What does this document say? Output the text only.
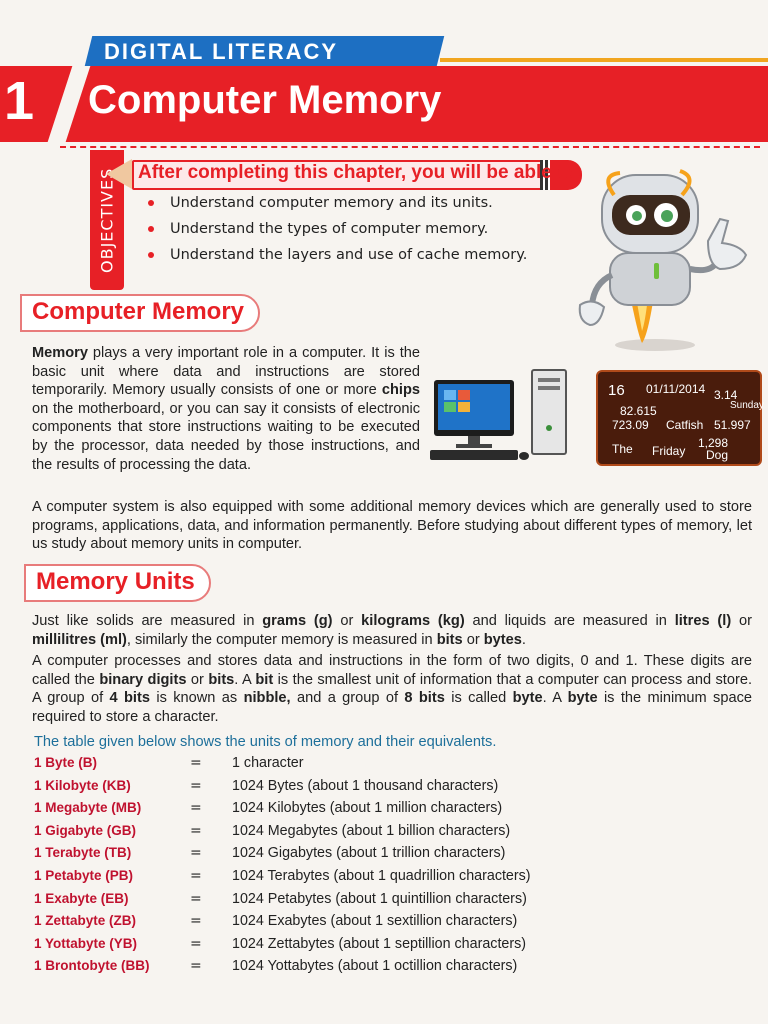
DIGITAL LITERACY
1 Computer Memory
OBJECTIVES	After completing this chapter, you will be able to:
Understand computer memory and its units.
Understand the types of computer memory.
Understand the layers and use of cache memory.
Computer Memory
Memory plays a very important role in a computer. It is the basic unit where data and instructions are stored temporarily. Memory usually consists of one or more chips on the motherboard, or you can say it consists of electronic components that store instructions waiting to be executed by the processor, data needed by those instructions, and the results of processing the data.
16 01/11/2014 3.14
Sunday
82.615
723.09 Catfish 51.997
The Friday
1,298
Dog
A computer system is also equipped with some additional memory devices which are generally used to store programs, applications, data, and information permanently. Before studying about different types of memory, let us study about memory units in computer.
Memory Units
Just like solids are measured in grams (g) or kilograms (kg) and liquids are measured in litres (l) or millilitres (ml), similarly the computer memory is measured in bits or bytes.
A computer processes and stores data and instructions in the form of two digits, 0 and 1. These digits are called the binary digits or bits. A bit is the smallest unit of information that a computer can process and store. A group of 4 bits is known as nibble, and a group of 8 bits is called byte. A byte is the minimum space required to store a character.
The table given below shows the units of memory and their equivalents.
1 Byte (B)	= 1 character
1 Kilobyte (KB)	= 1024 Bytes (about 1 thousand characters)
1 Megabyte (MB)	= 1024 Kilobytes (about 1 million characters)
1 Gigabyte (GB)	= 1024 Megabytes (about 1 billion characters)
1 Terabyte (TB)	= 1024 Gigabytes (about 1 trillion characters)
1 Petabyte (PB)	= 1024 Terabytes (about 1 quadrillion characters)
1 Exabyte (EB)	= 1024 Petabytes (about 1 quintillion characters)
1 Zettabyte (ZB)	= 1024 Exabytes (about 1 sextillion characters)
1 Yottabyte (YB)	= 1024 Zettabytes (about 1 septillion characters)
1 Brontobyte (BB)	= 1024 Yottabytes (about 1 octillion characters)
